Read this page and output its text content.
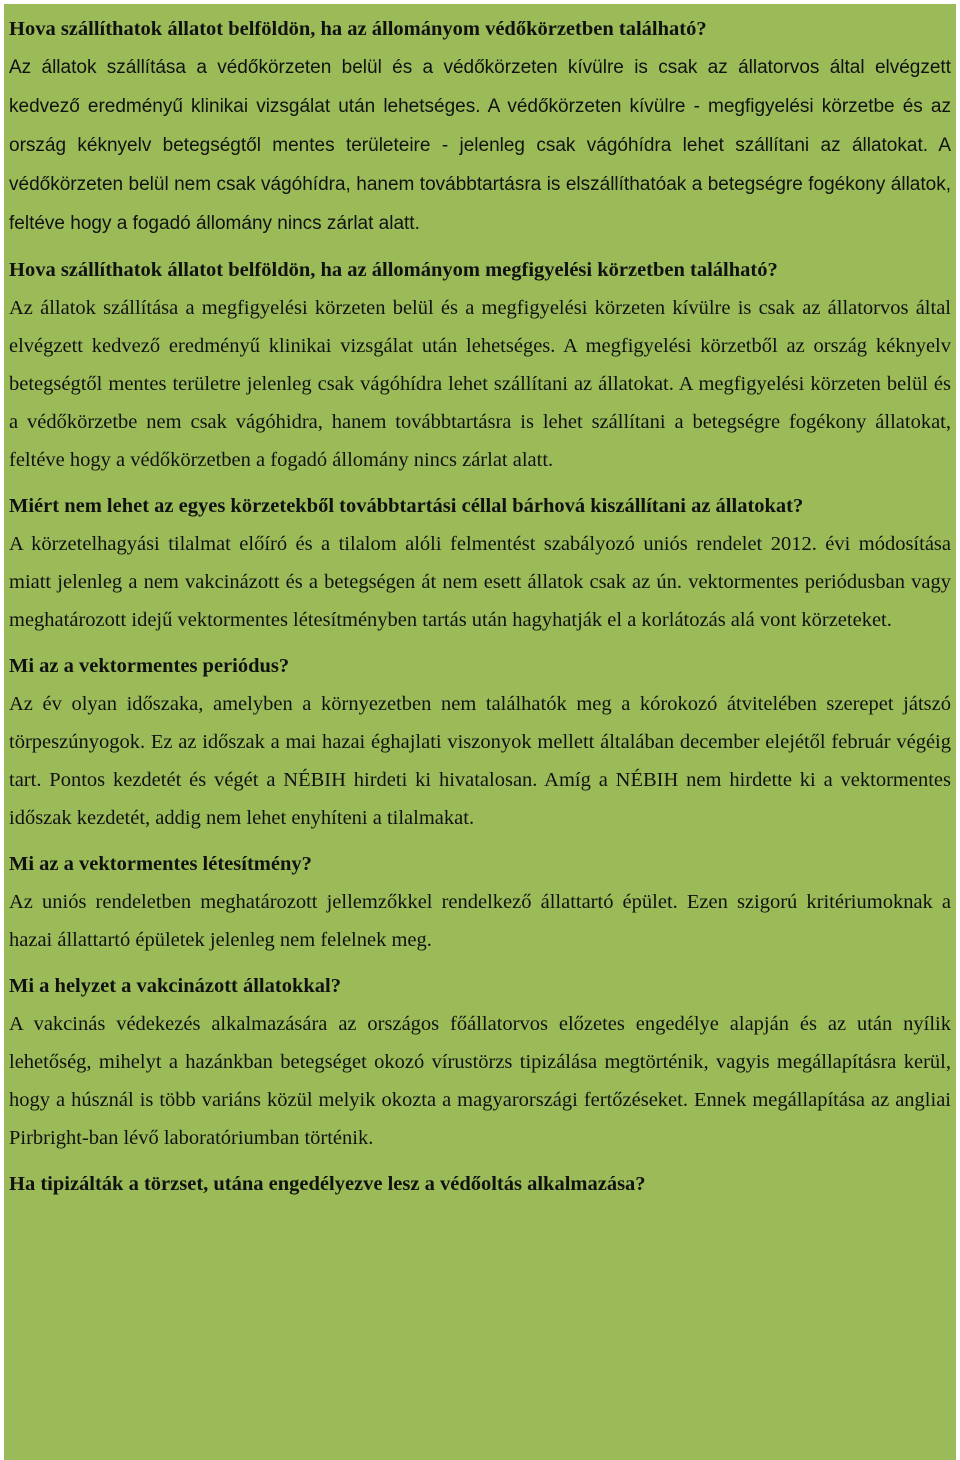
Hova szállíthatok állatot belföldön, ha az állományom védőkörzetben található?

Az állatok szállítása a védőkörzeten belül és a védőkörzeten kívülre is csak az állatorvos által elvégzett kedvező eredményű klinikai vizsgálat után lehetséges. A védőkörzeten kívülre - megfigyelési körzetbe és az ország kéknyelv betegségtől mentes területeire - jelenleg csak vágóhídra lehet szállítani az állatokat. A védőkörzeten belül nem csak vágóhídra, hanem továbbtartásra is elszállíthatóak a betegségre fogékony állatok, feltéve hogy a fogadó állomány nincs zárlat alatt.

Hova szállíthatok állatot belföldön, ha az állományom megfigyelési körzetben található?

Az állatok szállítása a megfigyelési körzeten belül és a megfigyelési körzeten kívülre is csak az állatorvos által elvégzett kedvező eredményű klinikai vizsgálat után lehetséges. A megfigyelési körzetből az ország kéknyelv betegségtől mentes területre jelenleg csak vágóhídra lehet szállítani az állatokat. A megfigyelési körzeten belül és a védőkörzetbe nem csak vágóhidra, hanem továbbtartásra is lehet szállítani a betegségre fogékony állatokat, feltéve hogy a védőkörzetben a fogadó állomány nincs zárlat alatt.

Miért nem lehet az egyes körzetekből továbbtartási céllal bárhová kiszállítani az állatokat?

A körzetelhagyási tilalmat előíró és a tilalom alóli felmentést szabályozó uniós rendelet 2012. évi módosítása miatt jelenleg a nem vakcinázott és a betegségen át nem esett állatok csak az ún. vektormentes periódusban vagy meghatározott idejű vektormentes létesítményben tartás után hagyhatják el a korlátozás alá vont körzeteket.

Mi az a vektormentes periódus?

Az év olyan időszaka, amelyben a környezetben nem találhatók meg a kórokozó átvitelében szerepet játszó törpeszúnyogok. Ez az időszak a mai hazai éghajlati viszonyok mellett általában december elejétől február végéig tart. Pontos kezdetét és végét a NÉBIH hirdeti ki hivatalosan. Amíg a NÉBIH nem hirdette ki a vektormentes időszak kezdetét, addig nem lehet enyhíteni a tilalmakat.

Mi az a vektormentes létesítmény?

Az uniós rendeletben meghatározott jellemzőkkel rendelkező állattartó épület. Ezen szigorú kritériumoknak a hazai állattartó épületek jelenleg nem felelnek meg.

Mi a helyzet a vakcinázott állatokkal?

A vakcinás védekezés alkalmazására az országos főállatorvos előzetes engedélye alapján és az után nyílik lehetőség, mihelyt a hazánkban betegséget okozó vírustörzs tipizálása megtörténik, vagyis megállapításra kerül, hogy a húsznál is több variáns közül melyik okozta a magyarországi fertőzéseket. Ennek megállapítása az angliai Pirbright-ban lévő laboratóriumban történik.

Ha tipizálták a törzset, utána engedélyezve lesz a védőoltás alkalmazása?
